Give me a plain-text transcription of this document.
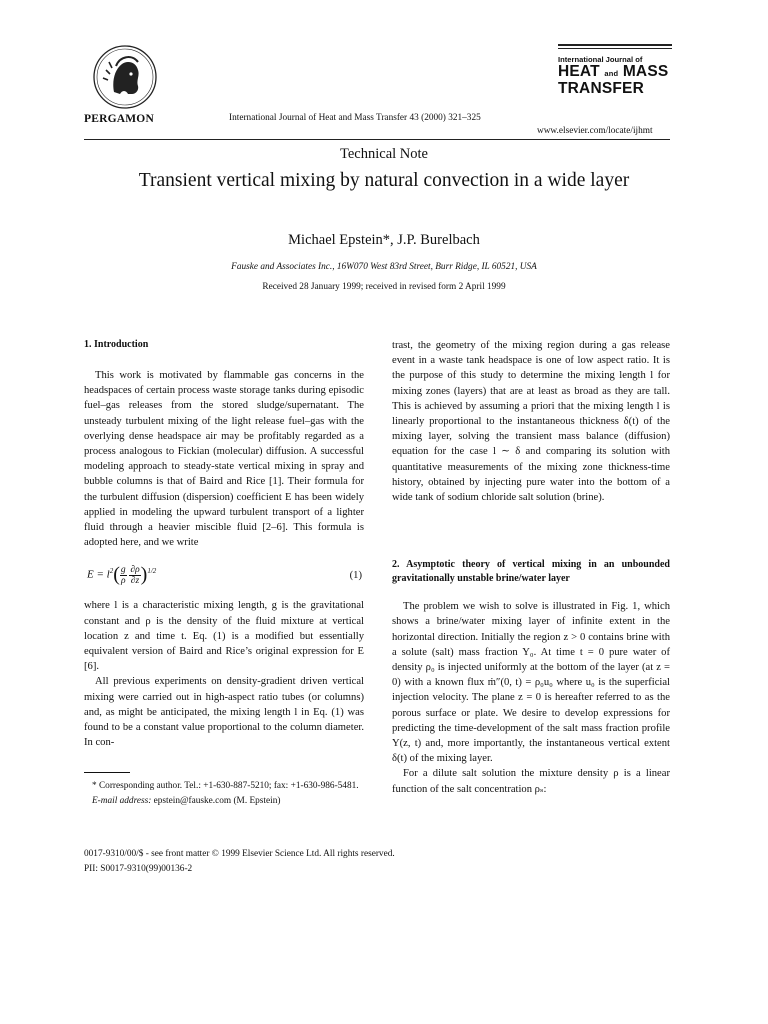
PERGAMON	International Journal of Heat and Mass Transfer 43 (2000) 321–325
International Journal of
HEAT and MASS
TRANSFER
www.elsevier.com/locate/ijhmt
Technical Note
Transient vertical mixing by natural convection in a wide layer
Michael Epstein*, J.P. Burelbach
Fauske and Associates Inc., 16W070 West 83rd Street, Burr Ridge, IL 60521, USA
Received 28 January 1999; received in revised form 2 April 1999
1. Introduction

This work is motivated by flammable gas concerns in the headspaces of certain process waste storage tanks during episodic fuel–gas releases from the stored sludge/supernatant. The unsteady turbulent mixing of the light release fuel–gas with the overlying dense headspace air may be profitably regarded as a process analogous to Fickian (molecular) diffusion. A successful modeling approach to steady-state vertical mixing in spray and bubble columns is that of Baird and Rice [1]. Their formula for the turbulent diffusion (dispersion) coefficient E has been widely applied in modeling the upward turbulent transport of a lighter fluid through a heavier miscible fluid [2–6]. This formula is adopted here, and we write

$E = l^2( \frac{g}{\rho}$
$\frac{\partial\rho}{\partial z} )^{1/2}$	(1)

where l is a characteristic mixing length, g is the gravitational constant and ρ is the density of the fluid mixture at vertical location z and time t. Eq. (1) is a modified but essentially equivalent version of Baird and Rice’s original expression for E [6].

All previous experiments on density-gradient driven vertical mixing were carried out in high-aspect ratio tubes (or columns) and, as might be anticipated, the mixing length l in Eq. (1) was found to be a constant value proportional to the column diameter. In con-

trast, the geometry of the mixing region during a gas release event in a waste tank headspace is one of low aspect ratio. It is the purpose of this study to determine the mixing length l for mixing zones (layers) that are at least as broad as they are tall. This is achieved by assuming a priori that the mixing length l is linearly proportional to the instantaneous thickness δ(t) of the mixing layer, solving the transient mass balance (diffusion) equation for the case l ∼ δ and comparing its solution with quantitative measurements of the mixing zone thickness-time history, obtained by injecting pure water into the bottom of a wide tank of sodium chloride salt solution (brine).

2. Asymptotic theory of vertical mixing in an unbounded gravitationally unstable brine/water layer

The problem we wish to solve is illustrated in Fig. 1, which shows a brine/water mixing layer of infinite extent in the horizontal direction. Initially the region z > 0 contains brine with a solute (salt) mass fraction Y₀. At time t = 0 pure water of density ρ₀ is injected uniformly at the bottom of the layer (at z = 0) with a known flux ṁ″(0, t) = ρ₀u₀ where u₀ is the superficial injection velocity. The plane z = 0 is hereafter referred to as the porous surface or plate. We desire to develop expressions for predicting the time-development of the salt mass fraction profile Y(z, t) and, more importantly, the instantaneous vertical extent δ(t) of the mixing layer.

For a dilute salt solution the mixture density ρ is a linear function of the salt concentration ρₛ:

* Corresponding author. Tel.: +1-630-887-5210; fax: +1-630-986-5481.
E-mail address: epstein@fauske.com (M. Epstein)
0017-9310/00/$ - see front matter © 1999 Elsevier Science Ltd. All rights reserved.
PII: S0017-9310(99)00136-2
